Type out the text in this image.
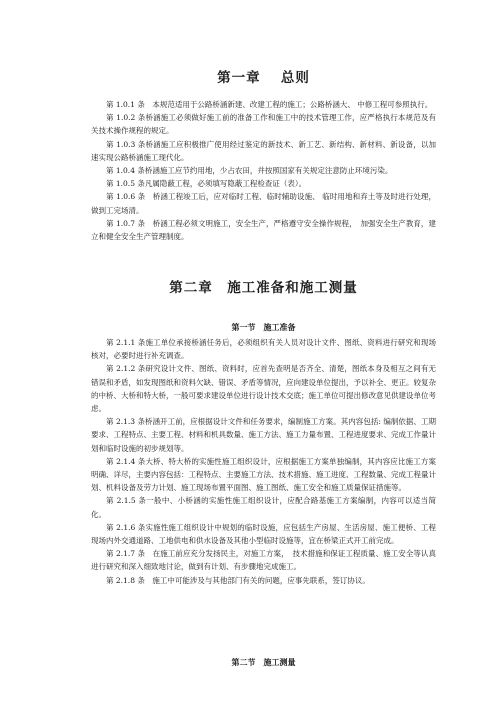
第一章　 总则

第 1.0.1 条　本规范适用于公路桥涵新建、改建工程的施工；公路桥涵大、 中修工程可参照执行。

第 1.0.2 条桥涵施工必须做好施工前的准备工作和施工中的技术管理工作，应严格执行本规范及有关技术操作规程的规定。

第 1.0.3 条桥涵施工应积极推广使用经过鉴定的新技术、新工艺、新结构、新材料、新设备，以加速实现公路桥涵施工现代化。

第 1.0.4 条桥涵施工应节约用地，少占农田，并按照国家有关规定注意防止环境污染。

第 1.0.5 条凡属隐蔽工程，必须填写隐蔽工程检查证（表）。

第 1.0.6 条　桥涵工程竣工后，应对临时工程、临时辅助设施、 临时用地和弃土等及时进行处理，做到工完场清。

第 1.0.7 条　桥涵工程必须文明施工，安全生产，严格遵守安全操作规程，　加强安全生产教育，建立和健全安全生产管理制度。

第二章　施工准备和施工测量
第一节　施工准备

第 2.1.1 条施工单位承接桥涵任务后，必须组织有关人员对设计文件、图纸、资料进行研究和现场核对，必要时进行补充调查。

第 2.1.2 条研究设计文件、图纸、资料时，应首先查明是否齐全、清楚，图纸本身及相互之间有无错误和矛盾，如发现图纸和资料欠缺、错误、矛盾等情况，应向建设单位提出，予以补全、更正。较复杂的中桥、大桥和特大桥，一般可要求建设单位进行设计技术交底；施工单位可提出修改意见供建设单位考虑。

第 2.1.3 条桥涵开工前，应根据设计文件和任务要求，编制施工方案。其内容包括: 编制依据、工期要求、工程特点、主要工程、材料和机具数量、施工方法、施工力量布置、工程进度要求、完成工作量计划和临时设施的初步规划等。

第 2.1.4 条大桥、特大桥的实施性施工组织设计，应根据施工方案单独编制，其内容应比施工方案明确、详尽，主要内容包括：工程特点、主要施工方法、技术措施、施工进度、工程数量、完成工程量计划、机料设备及劳力计划、施工现场布置平面图、施工图纸、施工安全和施工质量保证措施等。

第 2.1.5 条一般中、小桥涵的实施性施工组织设计，应配合路基施工方案编制，内容可以适当简化。

第 2.1.6 条实施性施工组织设计中规划的临时设施，应包括生产房屋、生活房屋、施工便桥、工程现场内外交通道路、工地供电和供水设备及其他小型临时设施等，宜在桥梁正式开工前完成。

第 2.1.7 条　在施工前应充分发扬民主，对施工方案，　技术措施和保证工程质量、施工安全等认真进行研究和深入细致地讨论，做到有计划、有步骤地完成施工。

第 2.1.8 条　施工中可能涉及与其他部门有关的问题，应事先联系，签订协议。

第二节　施工测量
